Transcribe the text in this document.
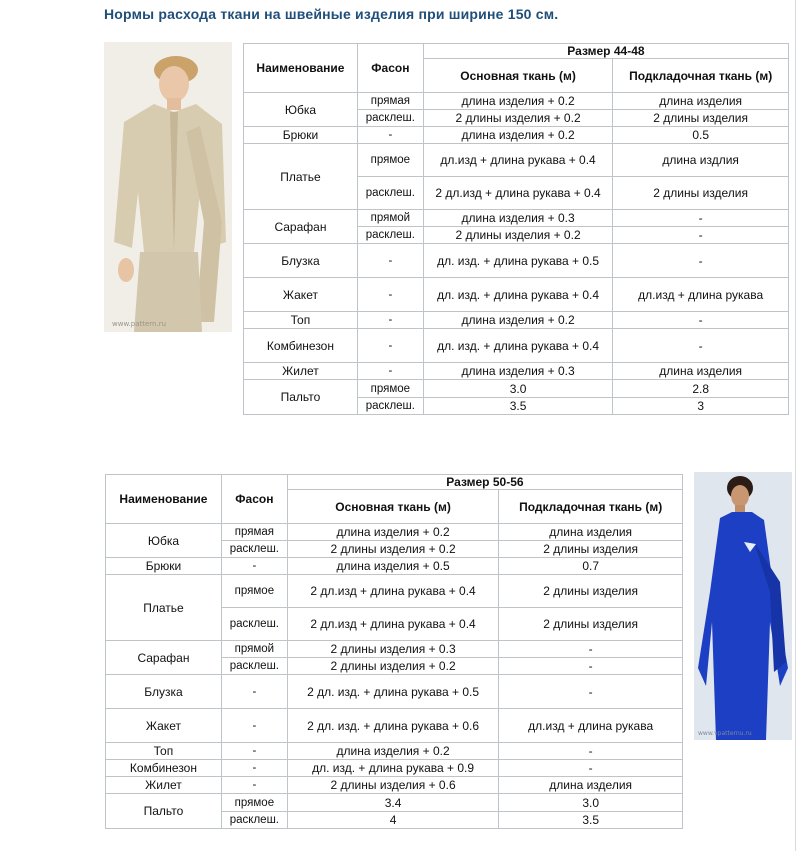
Нормы расхода ткани на швейные изделия при ширине 150 см.
www.pattern.ru
www.vpatternu.ru
Наименование	Фасон	Размер 44-48	
		Основная ткань (м)	Подкладочная ткань (м)
Юбка	прямая	длина изделия + 0.2	длина изделия
	расклеш.	2 длины изделия + 0.2	2 длины изделия
Брюки	-	длина изделия + 0.2	0.5
Платье	прямое	дл.изд + длина рукава + 0.4	длина издлия
	расклеш.	2 дл.изд + длина рукава + 0.4	2 длины изделия
Сарафан	прямой	длина изделия + 0.3	-
	расклеш.	2 длины изделия + 0.2	-
Блузка	-	дл. изд. + длина рукава + 0.5	-
Жакет	-	дл. изд. + длина рукава + 0.4	дл.изд + длина рукава
Топ	-	длина изделия + 0.2	-
Комбинезон	-	дл. изд. + длина рукава + 0.4	-
Жилет	-	длина изделия + 0.3	длина изделия
Пальто	прямое	3.0	2.8
	расклеш.	3.5	3
Наименование	Фасон	Размер 50-56	
		Основная ткань (м)	Подкладочная ткань (м)
Юбка	прямая	длина изделия + 0.2	длина изделия
	расклеш.	2 длины изделия + 0.2	2 длины изделия
Брюки	-	длина изделия + 0.5	0.7
Платье	прямое	2 дл.изд + длина рукава + 0.4	2 длины изделия
	расклеш.	2 дл.изд + длина рукава + 0.4	2 длины изделия
Сарафан	прямой	2 длины изделия + 0.3	-
	расклеш.	2 длины изделия + 0.2	-
Блузка	-	2 дл. изд. + длина рукава + 0.5	-
Жакет	-	2 дл. изд. + длина рукава + 0.6	дл.изд + длина рукава
Топ	-	длина изделия + 0.2	-
Комбинезон	-	дл. изд. + длина рукава + 0.9	-
Жилет	-	2 длины изделия + 0.6	длина изделия
Пальто	прямое	3.4	3.0
	расклеш.	4	3.5
